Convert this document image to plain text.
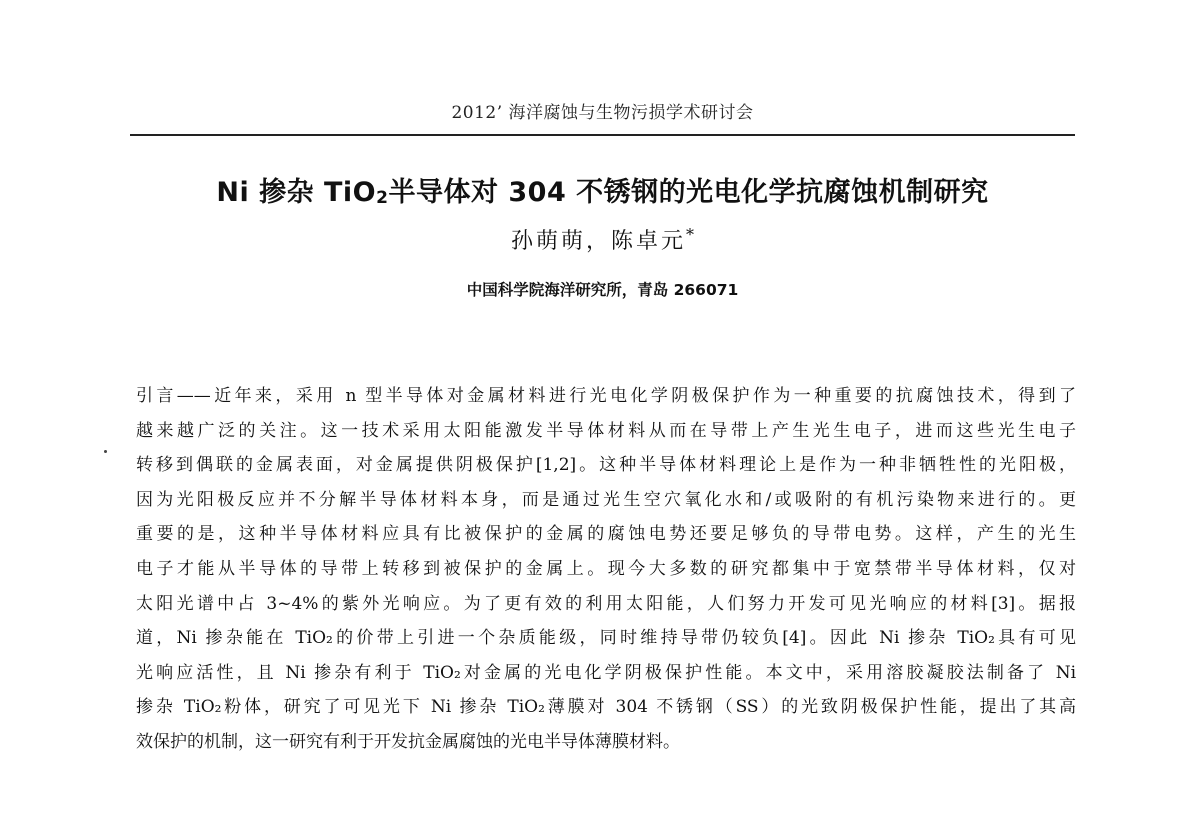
2012’ 海洋腐蚀与生物污损学术研讨会
Ni 掺杂 TiO$_2$半导体对 304 不锈钢的光电化学抗腐蚀机制研究
孙萌萌，陈卓元*
中国科学院海洋研究所，青岛 266071
引言——近年来，采用 n 型半导体对金属材料进行光电化学阴极保护作为一种重要的抗腐蚀技术，得到了
越来越广泛的关注。这一技术采用太阳能激发半导体材料从而在导带上产生光生电子，进而这些光生电子
转移到偶联的金属表面，对金属提供阴极保护[1,2]。这种半导体材料理论上是作为一种非牺牲性的光阳极，
因为光阳极反应并不分解半导体材料本身，而是通过光生空穴氧化水和/或吸附的有机污染物来进行的。更
重要的是，这种半导体材料应具有比被保护的金属的腐蚀电势还要足够负的导带电势。这样，产生的光生
电子才能从半导体的导带上转移到被保护的金属上。现今大多数的研究都集中于宽禁带半导体材料，仅对
太阳光谱中占 3~4%的紫外光响应。为了更有效的利用太阳能，人们努力开发可见光响应的材料[3]。据报
道，Ni 掺杂能在 TiO₂的价带上引进一个杂质能级，同时维持导带仍较负[4]。因此 Ni 掺杂 TiO₂具有可见
光响应活性，且 Ni 掺杂有利于 TiO₂对金属的光电化学阴极保护性能。本文中，采用溶胶凝胶法制备了 Ni
掺杂 TiO₂粉体，研究了可见光下 Ni 掺杂 TiO₂薄膜对 304 不锈钢（SS）的光致阴极保护性能，提出了其高
效保护的机制，这一研究有利于开发抗金属腐蚀的光电半导体薄膜材料。
